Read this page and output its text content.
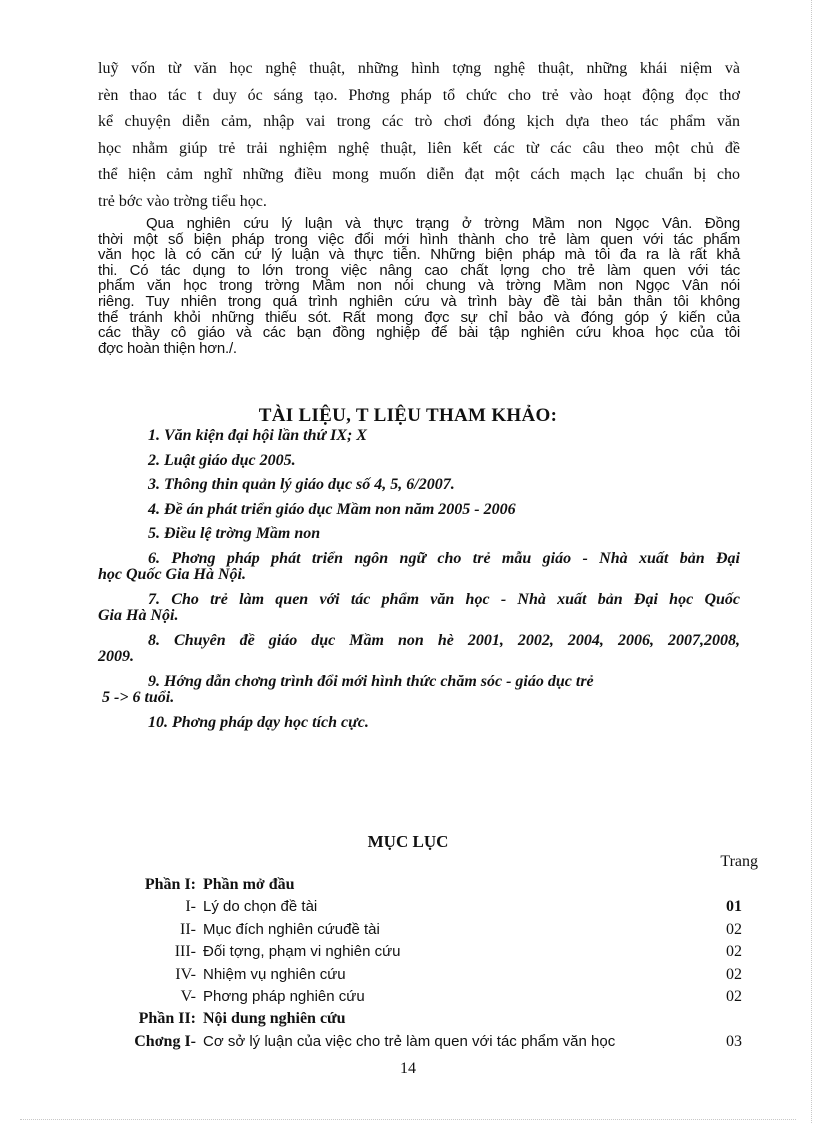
luỹ vốn từ văn học nghệ thuật, những hình tợng nghệ thuật, những khái niệm và
rèn thao tác t duy óc sáng tạo. Phơng pháp tổ chức cho trẻ vào hoạt động đọc thơ
kể chuyện diễn cảm, nhập vai trong các trò chơi đóng kịch dựa theo tác phẩm văn
học nhằm giúp trẻ trải nghiệm nghệ thuật, liên kết các từ các câu theo một chủ đề
thể hiện cảm nghĩ những điều mong muốn diễn đạt một cách mạch lạc chuẩn bị cho
trẻ bớc vào trờng tiểu học.
Qua nghiên cứu lý luận và thực trạng ở trờng Mầm non Ngọc Vân. Đồng
thời một số biện pháp trong việc đổi mới hình thành cho trẻ làm quen với tác phẩm
văn học là có căn cứ lý luận và thực tiễn. Những biện pháp mà tôi đa ra là rất khả
thi. Có tác dụng to lớn trong việc nâng cao chất lợng cho trẻ làm quen với tác
phẩm văn học trong trờng Mầm non nói chung và trờng Mầm non Ngọc Vân nói
riêng. Tuy nhiên trong quá trình nghiên cứu và trình bày đề tài bản thân tôi không
thể tránh khỏi những thiếu sót. Rất mong đợc sự chỉ bảo và đóng góp ý kiến của
các thầy cô giáo và các bạn đồng nghiệp để bài tập nghiên cứu khoa học của tôi
đợc hoàn thiện hơn./.
TÀI LIỆU, T LIỆU THAM KHẢO:
1. Văn kiện đại hội lần thứ IX; X
2. Luật giáo dục 2005.
3. Thông thin quản lý giáo dục số 4, 5, 6/2007.
4. Đề án phát triển giáo dục Mầm non năm 2005 - 2006
5. Điều lệ trờng Mầm non
6. Phơng pháp phát triển ngôn ngữ cho trẻ mẫu giáo - Nhà xuất bản Đại
học Quốc Gia Hà Nội.
7. Cho trẻ làm quen với tác phẩm văn học - Nhà xuất bản Đại học Quốc
Gia Hà Nội.
8. Chuyên đề giáo dục Mầm non hè 2001, 2002, 2004, 2006, 2007,2008,
2009.
9. Hớng dẫn chơng trình đổi mới hình thức chăm sóc - giáo dục trẻ
5 -> 6 tuổi.
10. Phơng pháp dạy học tích cực.
MỤC LỤC
Trang
Phần I: Phần mở đầu
I- Lý do chọn đề tài	01
II- Mục đích nghiên cứuđề tài	02
III- Đối tợng, phạm vi nghiên cứu	02
IV- Nhiệm vụ nghiên cứu	02
V- Phơng pháp nghiên cứu	02
Phần II: Nội dung nghiên cứu
Chơng I- Cơ sở lý luận của việc cho trẻ làm quen với tác phẩm văn học	03
14
